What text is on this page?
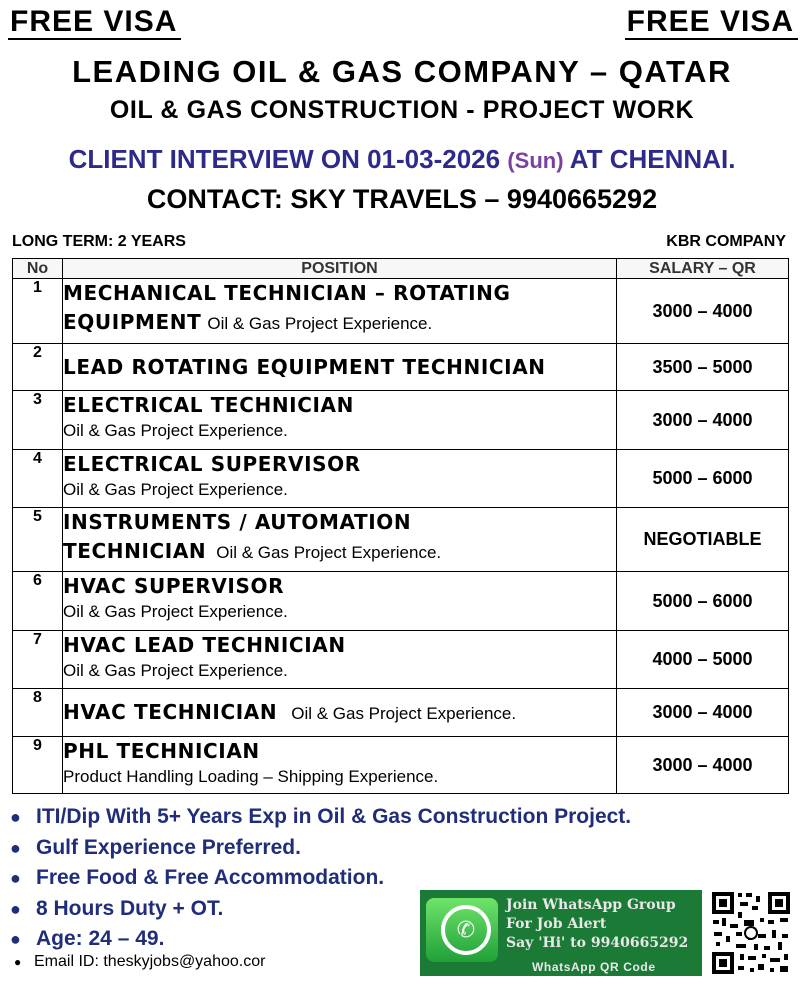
FREE VISA	FREE VISA
LEADING OIL & GAS COMPANY – QATAR
OIL & GAS CONSTRUCTION - PROJECT WORK
CLIENT INTERVIEW ON 01-03-2026 (Sun) AT CHENNAI.
CONTACT: SKY TRAVELS – 9940665292
LONG TERM: 2 YEARS	KBR COMPANY
No	POSITION	SALARY – QR
1	MECHANICAL TECHNICIAN – ROTATING
EQUIPMENT Oil & Gas Project Experience.	3000 – 4000
2	LEAD ROTATING EQUIPMENT TECHNICIAN	3500 – 5000
3	ELECTRICAL TECHNICIAN
Oil & Gas Project Experience.	3000 – 4000
4	ELECTRICAL SUPERVISOR
Oil & Gas Project Experience.	5000 – 6000
5	INSTRUMENTS / AUTOMATION
TECHNICIAN Oil & Gas Project Experience.	NEGOTIABLE
6	HVAC SUPERVISOR
Oil & Gas Project Experience.	5000 – 6000
7	HVAC LEAD TECHNICIAN
Oil & Gas Project Experience.	4000 – 5000
8	HVAC TECHNICIAN Oil & Gas Project Experience.	3000 – 4000
9	PHL TECHNICIAN
Product Handling Loading – Shipping Experience.	3000 – 4000
● ITI/Dip With 5+ Years Exp in Oil & Gas Construction Project.
● Gulf Experience Preferred.
● Free Food & Free Accommodation.
● 8 Hours Duty + OT.
● Age: 24 – 49.
● Email ID: theskyjobs@yahoo.cor
✆
Join WhatsApp Group
For Job Alert
Say 'Hi' to 9940665292
WhatsApp QR Code
